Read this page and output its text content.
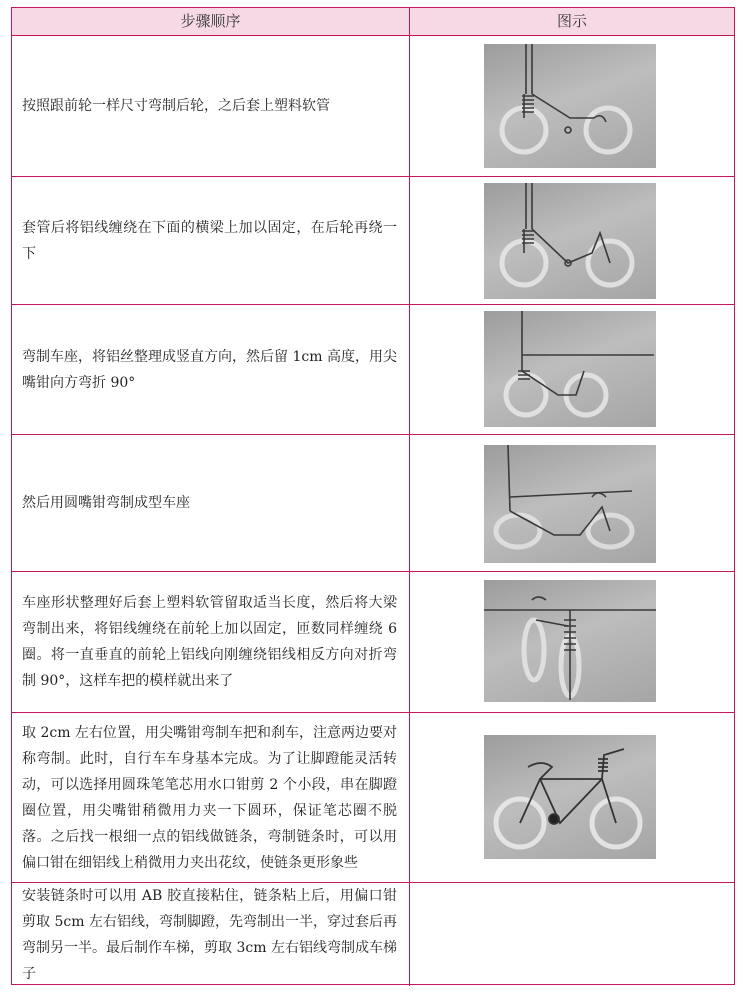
步骤顺序	图示
按照跟前轮一样尺寸弯制后轮，之后套上塑料软管
套管后将铝线缠绕在下面的横梁上加以固定，在后轮再绕一下
弯制车座，将铝丝整理成竖直方向，然后留 1cm 高度，用尖嘴钳向方弯折 90°
然后用圆嘴钳弯制成型车座
车座形状整理好后套上塑料软管留取适当长度，然后将大梁弯制出来，将铝线缠绕在前轮上加以固定，匝数同样缠绕 6 圈。将一直垂直的前轮上铝线向刚缠绕铝线相反方向对折弯制 90°，这样车把的模样就出来了
取 2cm 左右位置，用尖嘴钳弯制车把和刹车，注意两边要对称弯制。此时，自行车车身基本完成。为了让脚蹬能灵活转动，可以选择用圆珠笔笔芯用水口钳剪 2 个小段，串在脚蹬圈位置，用尖嘴钳稍微用力夹一下圆环，保证笔芯圈不脱落。之后找一根细一点的铝线做链条，弯制链条时，可以用偏口钳在细铝线上稍微用力夹出花纹，使链条更形象些
安装链条时可以用 AB 胶直接粘住，链条粘上后，用偏口钳剪取 5cm 左右铝线，弯制脚蹬，先弯制出一半，穿过套后再弯制另一半。最后制作车梯，剪取 3cm 左右铝线弯制成车梯子
